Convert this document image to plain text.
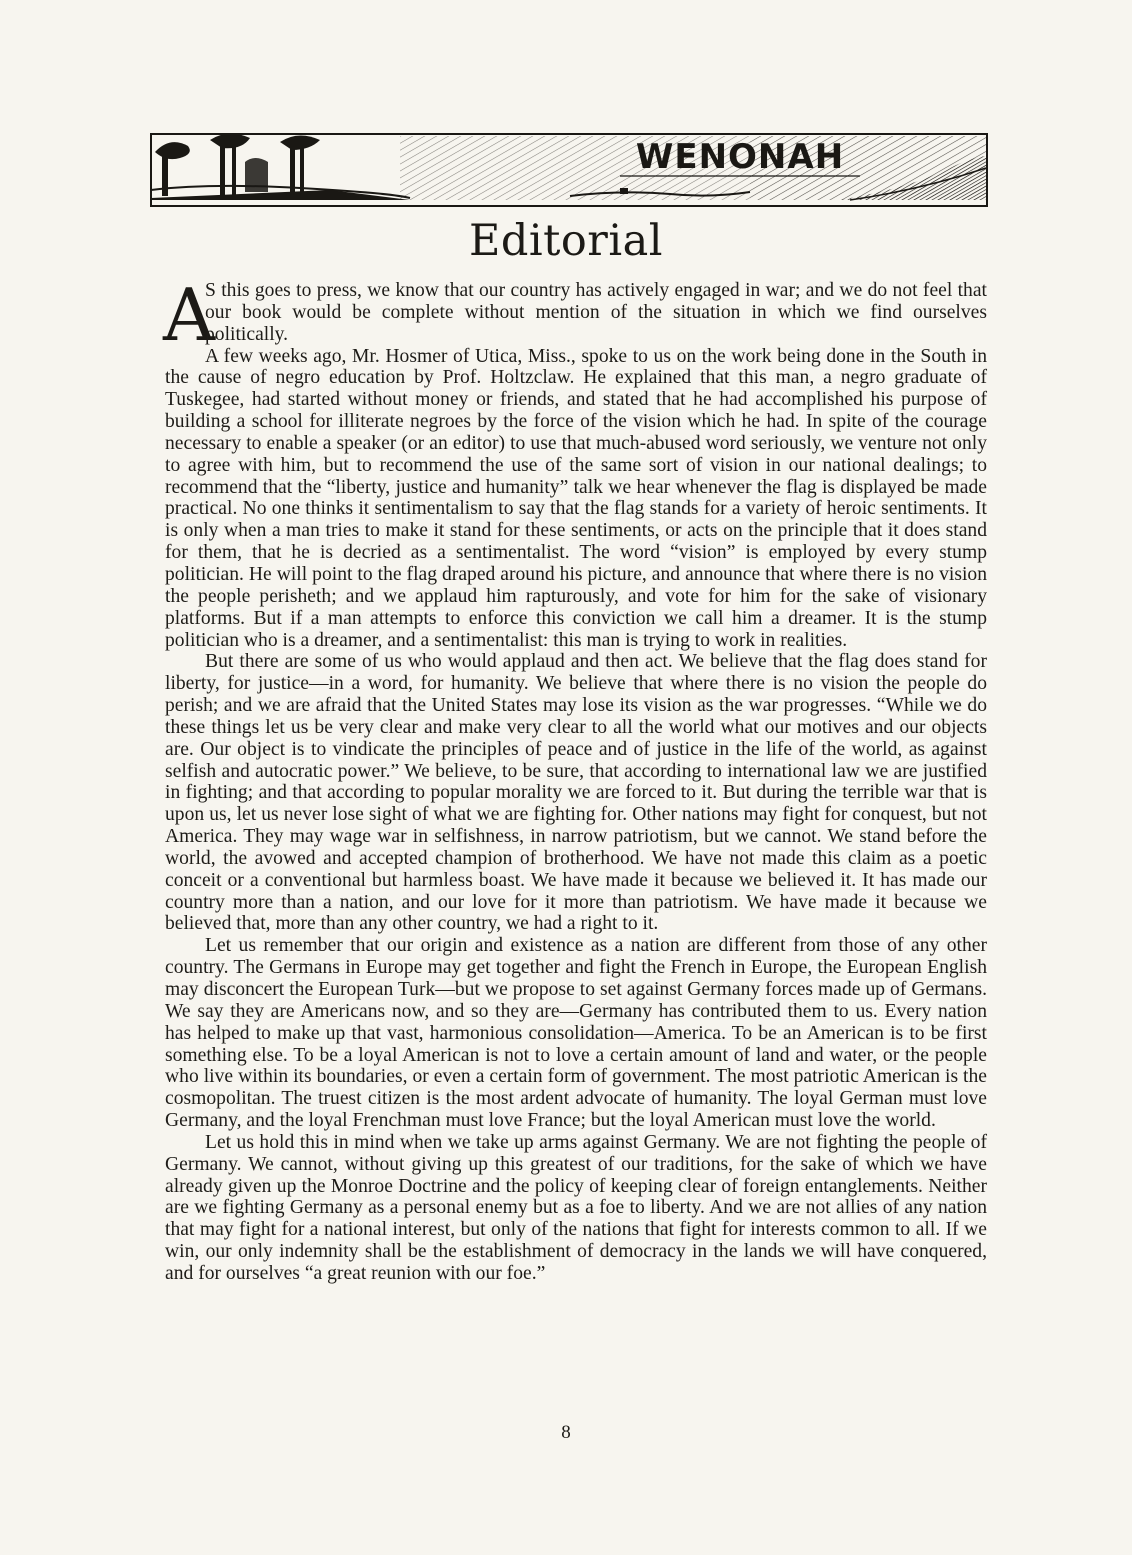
WENONAH
Editorial

A
S this goes to press, we know that our country has actively engaged in war; and we do not feel that our book would be complete without mention of the situation in which we find ourselves politically.

A few weeks ago, Mr. Hosmer of Utica, Miss., spoke to us on the work being done in the South in the cause of negro education by Prof. Holtzclaw. He explained that this man, a negro graduate of Tuskegee, had started without money or friends, and stated that he had accomplished his purpose of building a school for illiterate negroes by the force of the vision which he had. In spite of the courage necessary to enable a speaker (or an editor) to use that much-abused word seriously, we venture not only to agree with him, but to recommend the use of the same sort of vision in our national dealings; to recommend that the “liberty, justice and humanity” talk we hear whenever the flag is displayed be made practical. No one thinks it sentimentalism to say that the flag stands for a variety of heroic sentiments. It is only when a man tries to make it stand for these sentiments, or acts on the principle that it does stand for them, that he is decried as a sentimentalist. The word “vision” is employed by every stump politician. He will point to the flag draped around his picture, and announce that where there is no vision the people perisheth; and we applaud him rapturously, and vote for him for the sake of visionary platforms. But if a man attempts to enforce this conviction we call him a dreamer. It is the stump politician who is a dreamer, and a sentimentalist: this man is trying to work in realities.

But there are some of us who would applaud and then act. We believe that the flag does stand for liberty, for justice—in a word, for humanity. We believe that where there is no vision the people do perish; and we are afraid that the United States may lose its vision as the war progresses. “While we do these things let us be very clear and make very clear to all the world what our motives and our objects are. Our object is to vindicate the principles of peace and of justice in the life of the world, as against selfish and autocratic power.” We believe, to be sure, that according to international law we are justified in fighting; and that according to popular morality we are forced to it. But during the terrible war that is upon us, let us never lose sight of what we are fighting for. Other nations may fight for conquest, but not America. They may wage war in selfishness, in narrow patriotism, but we cannot. We stand before the world, the avowed and accepted champion of brotherhood. We have not made this claim as a poetic conceit or a conventional but harmless boast. We have made it because we believed it. It has made our country more than a nation, and our love for it more than patriotism. We have made it because we believed that, more than any other country, we had a right to it.

Let us remember that our origin and existence as a nation are different from those of any other country. The Germans in Europe may get together and fight the French in Europe, the European English may disconcert the European Turk—but we propose to set against Germany forces made up of Germans. We say they are Americans now, and so they are—Germany has contributed them to us. Every nation has helped to make up that vast, harmonious consolidation—America. To be an American is to be first something else. To be a loyal American is not to love a certain amount of land and water, or the people who live within its boundaries, or even a certain form of government. The most patriotic American is the cosmopolitan. The truest citizen is the most ardent advocate of humanity. The loyal German must love Germany, and the loyal Frenchman must love France; but the loyal American must love the world.

Let us hold this in mind when we take up arms against Germany. We are not fighting the people of Germany. We cannot, without giving up this greatest of our traditions, for the sake of which we have already given up the Monroe Doctrine and the policy of keeping clear of foreign entanglements. Neither are we fighting Germany as a personal enemy but as a foe to liberty. And we are not allies of any nation that may fight for a national interest, but only of the nations that fight for interests common to all. If we win, our only indemnity shall be the establishment of democracy in the lands we will have conquered, and for ourselves “a great reunion with our foe.”

8
